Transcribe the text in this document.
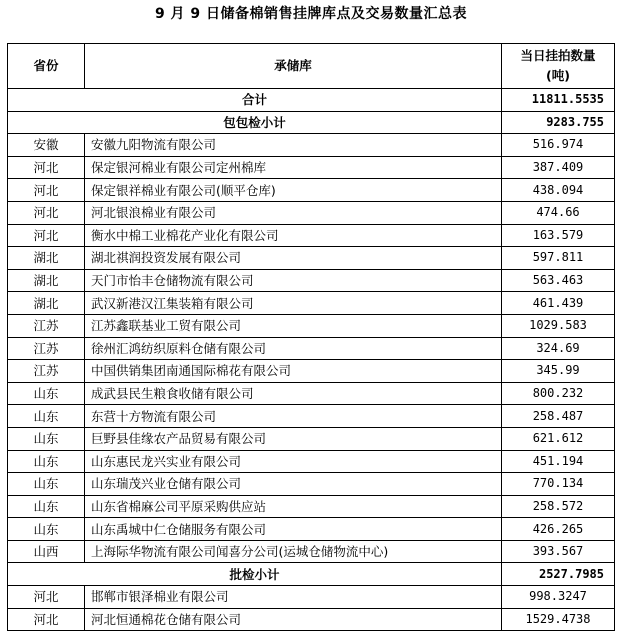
9 月 9 日储备棉销售挂牌库点及交易数量汇总表
省份	承储库	当日挂拍数量
(吨)

合计		11811.5535
包包检小计		9283.755
安徽	安徽九阳物流有限公司	516.974
河北	保定银河棉业有限公司定州棉库	387.409
河北	保定银祥棉业有限公司(顺平仓库)	438.094
河北	河北银浪棉业有限公司	474.66
河北	衡水中棉工业棉花产业化有限公司	163.579
湖北	湖北祺润投资发展有限公司	597.811
湖北	天门市怡丰仓储物流有限公司	563.463
湖北	武汉新港汉江集装箱有限公司	461.439
江苏	江苏鑫联基业工贸有限公司	1029.583
江苏	徐州汇鸿纺织原料仓储有限公司	324.69
江苏	中国供销集团南通国际棉花有限公司	345.99
山东	成武县民生粮食收储有限公司	800.232
山东	东营十方物流有限公司	258.487
山东	巨野县佳缘农产品贸易有限公司	621.612
山东	山东惠民龙兴实业有限公司	451.194
山东	山东瑞茂兴业仓储有限公司	770.134
山东	山东省棉麻公司平原采购供应站	258.572
山东	山东禹城中仁仓储服务有限公司	426.265
山西	上海际华物流有限公司闻喜分公司(运城仓储物流中心)	393.567
批检小计		2527.7985
河北	邯郸市银泽棉业有限公司	998.3247
河北	河北恒通棉花仓储有限公司	1529.4738
